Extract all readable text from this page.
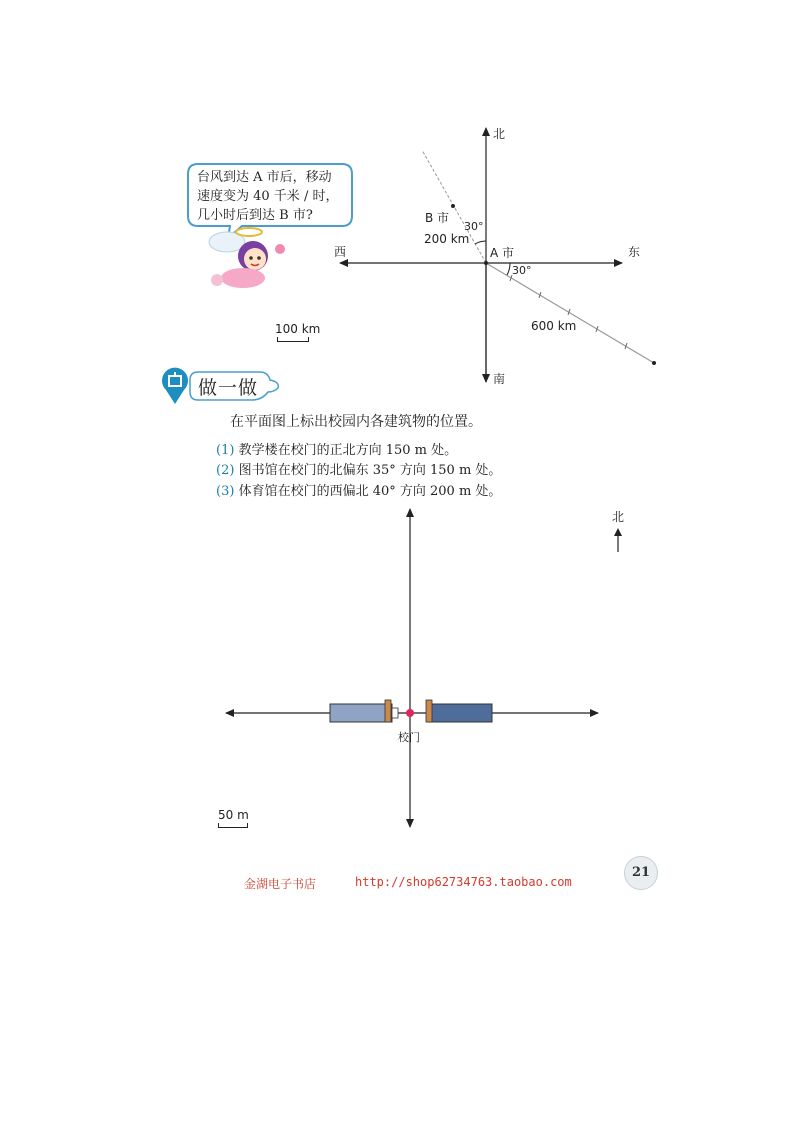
台风到达 A 市后，移动
速度变为 40 千米 / 时，
几小时后到达 B 市?
北
南
东
西	A 市
B 市
30°
30°
200 km
600 km
100 km
做一做
在平面图上标出校园内各建筑物的位置。
(1) 教学楼在校门的正北方向 150 m 处。
(2) 图书馆在校门的北偏东 35° 方向 150 m 处。
(3) 体育馆在校门的西偏北 40° 方向 200 m 处。
校门
北
50 m
金湖电子书店	http://shop62734763.taobao.com
21
